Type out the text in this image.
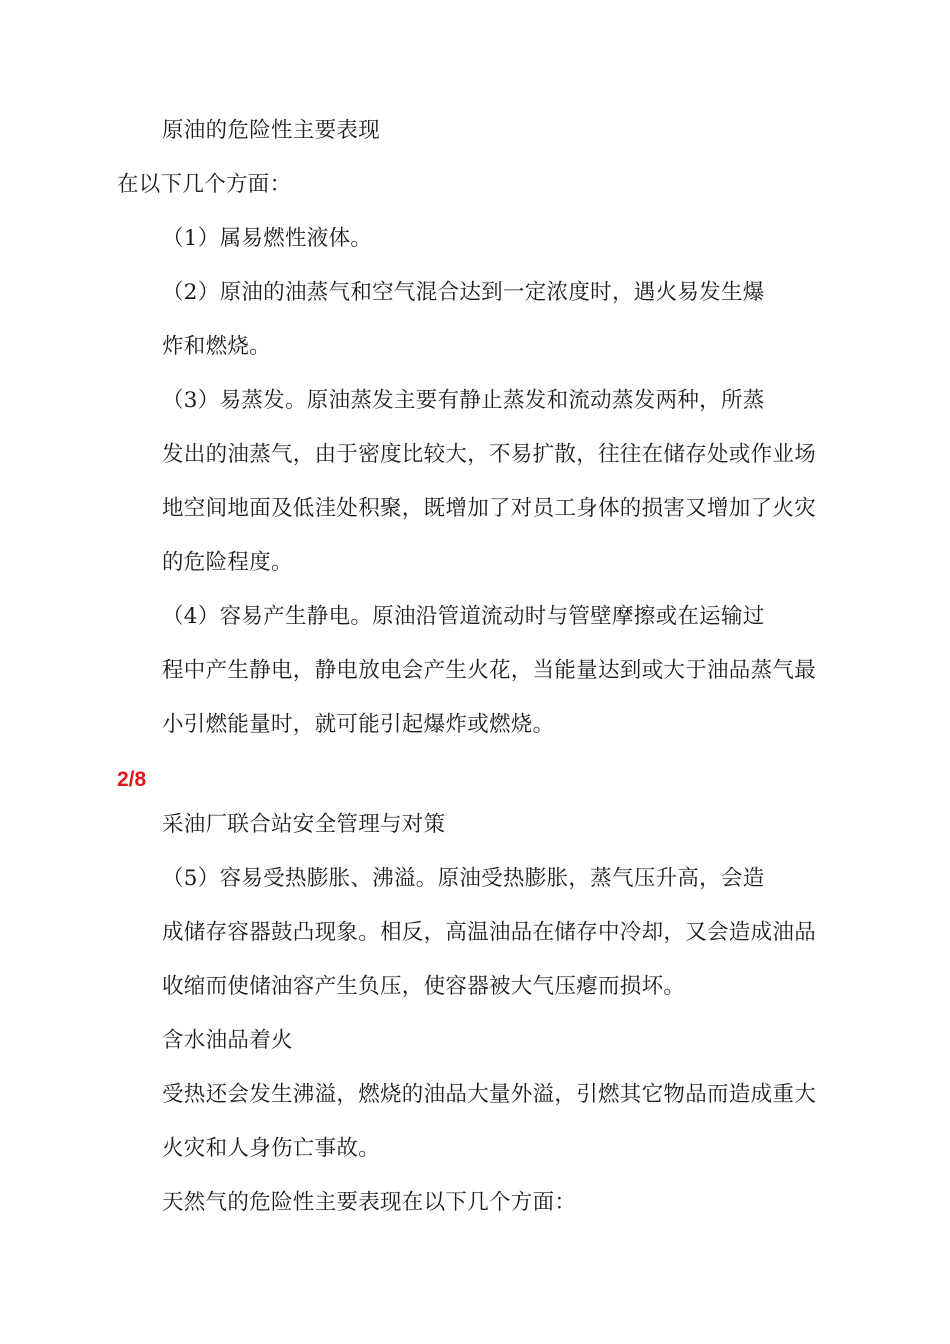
原油的危险性主要表现
在以下几个方面：
（1）属易燃性液体。
（2）原油的油蒸气和空气混合达到一定浓度时，遇火易发生爆
炸和燃烧。
（3）易蒸发。原油蒸发主要有静止蒸发和流动蒸发两种，所蒸
发出的油蒸气，由于密度比较大，不易扩散，往往在储存处或作业场
地空间地面及低洼处积聚，既增加了对员工身体的损害又增加了火灾
的危险程度。
（4）容易产生静电。原油沿管道流动时与管壁摩擦或在运输过
程中产生静电，静电放电会产生火花，当能量达到或大于油品蒸气最
小引燃能量时，就可能引起爆炸或燃烧。
2/8
采油厂联合站安全管理与对策
（5）容易受热膨胀、沸溢。原油受热膨胀，蒸气压升高，会造
成储存容器鼓凸现象。相反，高温油品在储存中冷却，又会造成油品
收缩而使储油容产生负压，使容器被大气压瘪而损坏。
含水油品着火
受热还会发生沸溢，燃烧的油品大量外溢，引燃其它物品而造成重大
火灾和人身伤亡事故。
天然气的危险性主要表现在以下几个方面：
